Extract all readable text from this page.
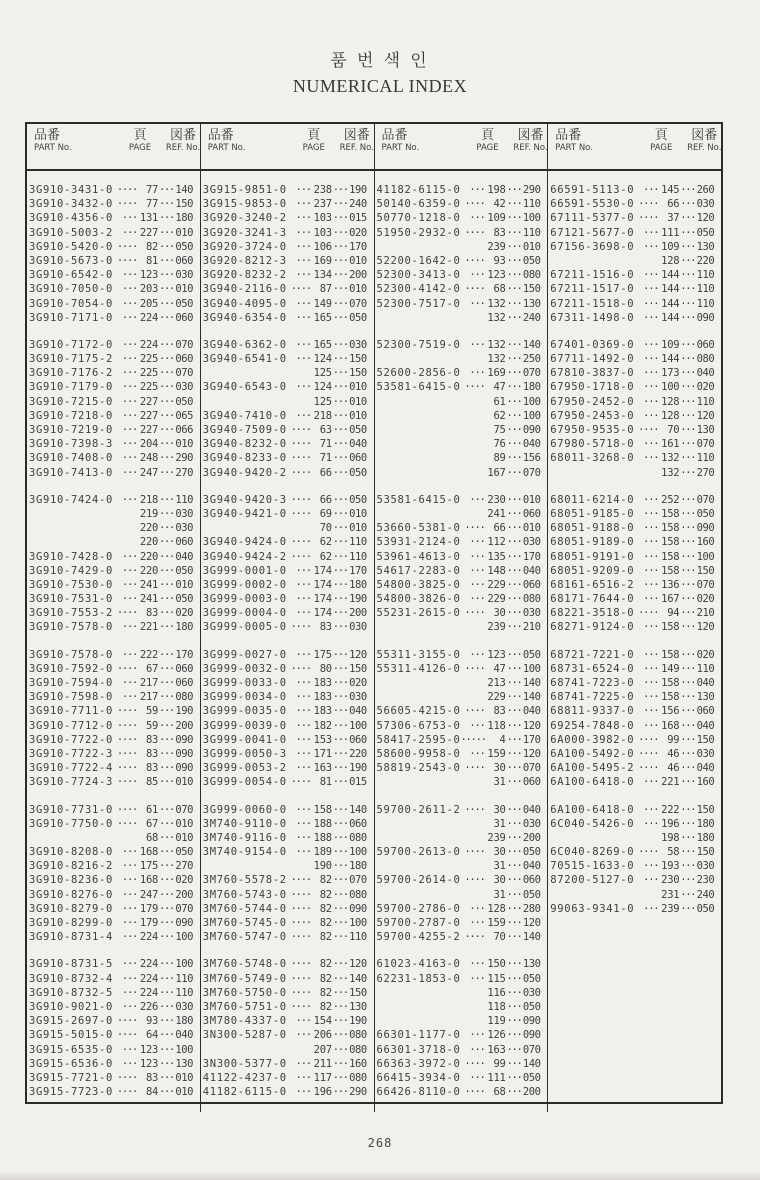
품 번 색 인
NUMERICAL INDEX
品番
PART No.
頁
PAGE
図番
REF. No.
品番
PART No.
頁
PAGE
図番
REF. No.
品番
PART No.
頁
PAGE
図番
REF. No.
品番
PART No.
頁
PAGE
図番
REF. No.
3G910-3431-0 ···· 77 ··· 140
3G910-3432-0 ···· 77 ··· 150
3G910-4356-0 ··· 131 ··· 180
3G910-5003-2 ··· 227 ··· 010
3G910-5420-0 ···· 82 ··· 050
3G910-5673-0 ···· 81 ··· 060
3G910-6542-0 ··· 123 ··· 030
3G910-7050-0 ··· 203 ··· 010
3G910-7054-0 ··· 205 ··· 050
3G910-7171-0 ··· 224 ··· 060
3G910-7172-0 ··· 224 ··· 070
3G910-7175-2 ··· 225 ··· 060
3G910-7176-2 ··· 225 ··· 070
3G910-7179-0 ··· 225 ··· 030
3G910-7215-0 ··· 227 ··· 050
3G910-7218-0 ··· 227 ··· 065
3G910-7219-0 ··· 227 ··· 066
3G910-7398-3 ··· 204 ··· 010
3G910-7408-0 ··· 248 ··· 290
3G910-7413-0 ··· 247 ··· 270
3G910-7424-0 ··· 218 ··· 110
219 ··· 030
220 ··· 030
220 ··· 060
3G910-7428-0 ··· 220 ··· 040
3G910-7429-0 ··· 220 ··· 050
3G910-7530-0 ··· 241 ··· 010
3G910-7531-0 ··· 241 ··· 050
3G910-7553-2 ···· 83 ··· 020
3G910-7578-0 ··· 221 ··· 180
3G910-7578-0 ··· 222 ··· 170
3G910-7592-0 ···· 67 ··· 060
3G910-7594-0 ··· 217 ··· 060
3G910-7598-0 ··· 217 ··· 080
3G910-7711-0 ···· 59 ··· 190
3G910-7712-0 ···· 59 ··· 200
3G910-7722-0 ···· 83 ··· 090
3G910-7722-3 ···· 83 ··· 090
3G910-7722-4 ···· 83 ··· 090
3G910-7724-3 ···· 85 ··· 010
3G910-7731-0 ···· 61 ··· 070
3G910-7750-0 ···· 67 ··· 010
68 ··· 010
3G910-8208-0 ··· 168 ··· 050
3G910-8216-2 ··· 175 ··· 270
3G910-8236-0 ··· 168 ··· 020
3G910-8276-0 ··· 247 ··· 200
3G910-8279-0 ··· 179 ··· 070
3G910-8299-0 ··· 179 ··· 090
3G910-8731-4 ··· 224 ··· 100
3G910-8731-5 ··· 224 ··· 100
3G910-8732-4 ··· 224 ··· 110
3G910-8732-5 ··· 224 ··· 110
3G910-9021-0 ··· 226 ··· 030
3G915-2697-0 ···· 93 ··· 180
3G915-5015-0 ···· 64 ··· 040
3G915-6535-0 ··· 123 ··· 100
3G915-6536-0 ··· 123 ··· 130
3G915-7721-0 ···· 83 ··· 010
3G915-7723-0 ···· 84 ··· 010
3G915-9851-0 ··· 238 ··· 190
3G915-9853-0 ··· 237 ··· 240
3G920-3240-2 ··· 103 ··· 015
3G920-3241-3 ··· 103 ··· 020
3G920-3724-0 ··· 106 ··· 170
3G920-8212-3 ··· 169 ··· 010
3G920-8232-2 ··· 134 ··· 200
3G940-2116-0 ···· 87 ··· 010
3G940-4095-0 ··· 149 ··· 070
3G940-6354-0 ··· 165 ··· 050
3G940-6362-0 ··· 165 ··· 030
3G940-6541-0 ··· 124 ··· 150
125 ··· 150
3G940-6543-0 ··· 124 ··· 010
125 ··· 010
3G940-7410-0 ··· 218 ··· 010
3G940-7509-0 ···· 63 ··· 050
3G940-8232-0 ···· 71 ··· 040
3G940-8233-0 ···· 71 ··· 060
3G940-9420-2 ···· 66 ··· 050
3G940-9420-3 ···· 66 ··· 050
3G940-9421-0 ···· 69 ··· 010
70 ··· 010
3G940-9424-0 ···· 62 ··· 110
3G940-9424-2 ···· 62 ··· 110
3G999-0001-0 ··· 174 ··· 170
3G999-0002-0 ··· 174 ··· 180
3G999-0003-0 ··· 174 ··· 190
3G999-0004-0 ··· 174 ··· 200
3G999-0005-0 ···· 83 ··· 030
3G999-0027-0 ··· 175 ··· 120
3G999-0032-0 ···· 80 ··· 150
3G999-0033-0 ··· 183 ··· 020
3G999-0034-0 ··· 183 ··· 030
3G999-0035-0 ··· 183 ··· 040
3G999-0039-0 ··· 182 ··· 100
3G999-0041-0 ··· 153 ··· 060
3G999-0050-3 ··· 171 ··· 220
3G999-0053-2 ··· 163 ··· 190
3G999-0054-0 ···· 81 ··· 015
3G999-0060-0 ··· 158 ··· 140
3M740-9110-0 ··· 188 ··· 060
3M740-9116-0 ··· 188 ··· 080
3M740-9154-0 ··· 189 ··· 100
190 ··· 180
3M760-5578-2 ···· 82 ··· 070
3M760-5743-0 ···· 82 ··· 080
3M760-5744-0 ···· 82 ··· 090
3M760-5745-0 ···· 82 ··· 100
3M760-5747-0 ···· 82 ··· 110
3M760-5748-0 ···· 82 ··· 120
3M760-5749-0 ···· 82 ··· 140
3M760-5750-0 ···· 82 ··· 150
3M760-5751-0 ···· 82 ··· 130
3M780-4337-0 ··· 154 ··· 190
3N300-5287-0 ··· 206 ··· 080
207 ··· 080
3N300-5377-0 ··· 211 ··· 160
41122-4237-0 ··· 117 ··· 080
41182-6115-0 ··· 196 ··· 290
41182-6115-0 ··· 198 ··· 290
50140-6359-0 ···· 42 ··· 110
50770-1218-0 ··· 109 ··· 100
51950-2932-0 ···· 83 ··· 110
239 ··· 010
52200-1642-0 ···· 93 ··· 050
52300-3413-0 ··· 123 ··· 080
52300-4142-0 ···· 68 ··· 150
52300-7517-0 ··· 132 ··· 130
132 ··· 240
52300-7519-0 ··· 132 ··· 140
132 ··· 250
52600-2856-0 ··· 169 ··· 070
53581-6415-0 ···· 47 ··· 180
61 ··· 100
62 ··· 100
75 ··· 090
76 ··· 040
89 ··· 156
167 ··· 070
53581-6415-0 ··· 230 ··· 010
241 ··· 060
53660-5381-0 ···· 66 ··· 010
53931-2124-0 ··· 112 ··· 030
53961-4613-0 ··· 135 ··· 170
54617-2283-0 ··· 148 ··· 040
54800-3825-0 ··· 229 ··· 060
54800-3826-0 ··· 229 ··· 080
55231-2615-0 ···· 30 ··· 030
239 ··· 210
55311-3155-0 ··· 123 ··· 050
55311-4126-0 ···· 47 ··· 100
213 ··· 140
229 ··· 140
56605-4215-0 ···· 83 ··· 040
57306-6753-0 ··· 118 ··· 120
58417-2595-0 ·····	4 ··· 170
58600-9958-0 ··· 159 ··· 120
58819-2543-0 ···· 30 ··· 070
31 ··· 060
59700-2611-2 ···· 30 ··· 040
31 ··· 030
239 ··· 200
59700-2613-0 ···· 30 ··· 050
31 ··· 040
59700-2614-0 ···· 30 ··· 060
31 ··· 050
59700-2786-0 ··· 128 ··· 280
59700-2787-0 ··· 159 ··· 120
59700-4255-2 ···· 70 ··· 140
61023-4163-0 ··· 150 ··· 130
62231-1853-0 ··· 115 ··· 050
116 ··· 030
118 ··· 050
119 ··· 090
66301-1177-0 ··· 126 ··· 090
66301-3718-0 ··· 163 ··· 070
66363-3972-0 ···· 99 ··· 140
66415-3934-0 ··· 111 ··· 050
66426-8110-0 ···· 68 ··· 200
66591-5113-0 ··· 145 ··· 260
66591-5530-0 ···· 66 ··· 030
67111-5377-0 ···· 37 ··· 120
67121-5677-0 ··· 111 ··· 050
67156-3698-0 ··· 109 ··· 130
128 ··· 220
67211-1516-0 ··· 144 ··· 110
67211-1517-0 ··· 144 ··· 110
67211-1518-0 ··· 144 ··· 110
67311-1498-0 ··· 144 ··· 090
67401-0369-0 ··· 109 ··· 060
67711-1492-0 ··· 144 ··· 080
67810-3837-0 ··· 173 ··· 040
67950-1718-0 ··· 100 ··· 020
67950-2452-0 ··· 128 ··· 110
67950-2453-0 ··· 128 ··· 120
67950-9535-0 ···· 70 ··· 130
67980-5718-0 ··· 161 ··· 070
68011-3268-0 ··· 132 ··· 110
132 ··· 270
68011-6214-0 ··· 252 ··· 070
68051-9185-0 ··· 158 ··· 050
68051-9188-0 ··· 158 ··· 090
68051-9189-0 ··· 158 ··· 160
68051-9191-0 ··· 158 ··· 100
68051-9209-0 ··· 158 ··· 150
68161-6516-2 ··· 136 ··· 070
68171-7644-0 ··· 167 ··· 020
68221-3518-0 ···· 94 ··· 210
68271-9124-0 ··· 158 ··· 120
68721-7221-0 ··· 158 ··· 020
68731-6524-0 ··· 149 ··· 110
68741-7223-0 ··· 158 ··· 040
68741-7225-0 ··· 158 ··· 130
68811-9337-0 ··· 156 ··· 060
69254-7848-0 ··· 168 ··· 040
6A000-3982-0 ···· 99 ··· 150
6A100-5492-0 ···· 46 ··· 030
6A100-5495-2 ···· 46 ··· 040
6A100-6418-0 ··· 221 ··· 160
6A100-6418-0 ··· 222 ··· 150
6C040-5426-0 ··· 196 ··· 180
198 ··· 180
6C040-8269-0 ···· 58 ··· 150
70515-1633-0 ··· 193 ··· 030
87200-5127-0 ··· 230 ··· 230
231 ··· 240
99063-9341-0 ··· 239 ··· 050
268
